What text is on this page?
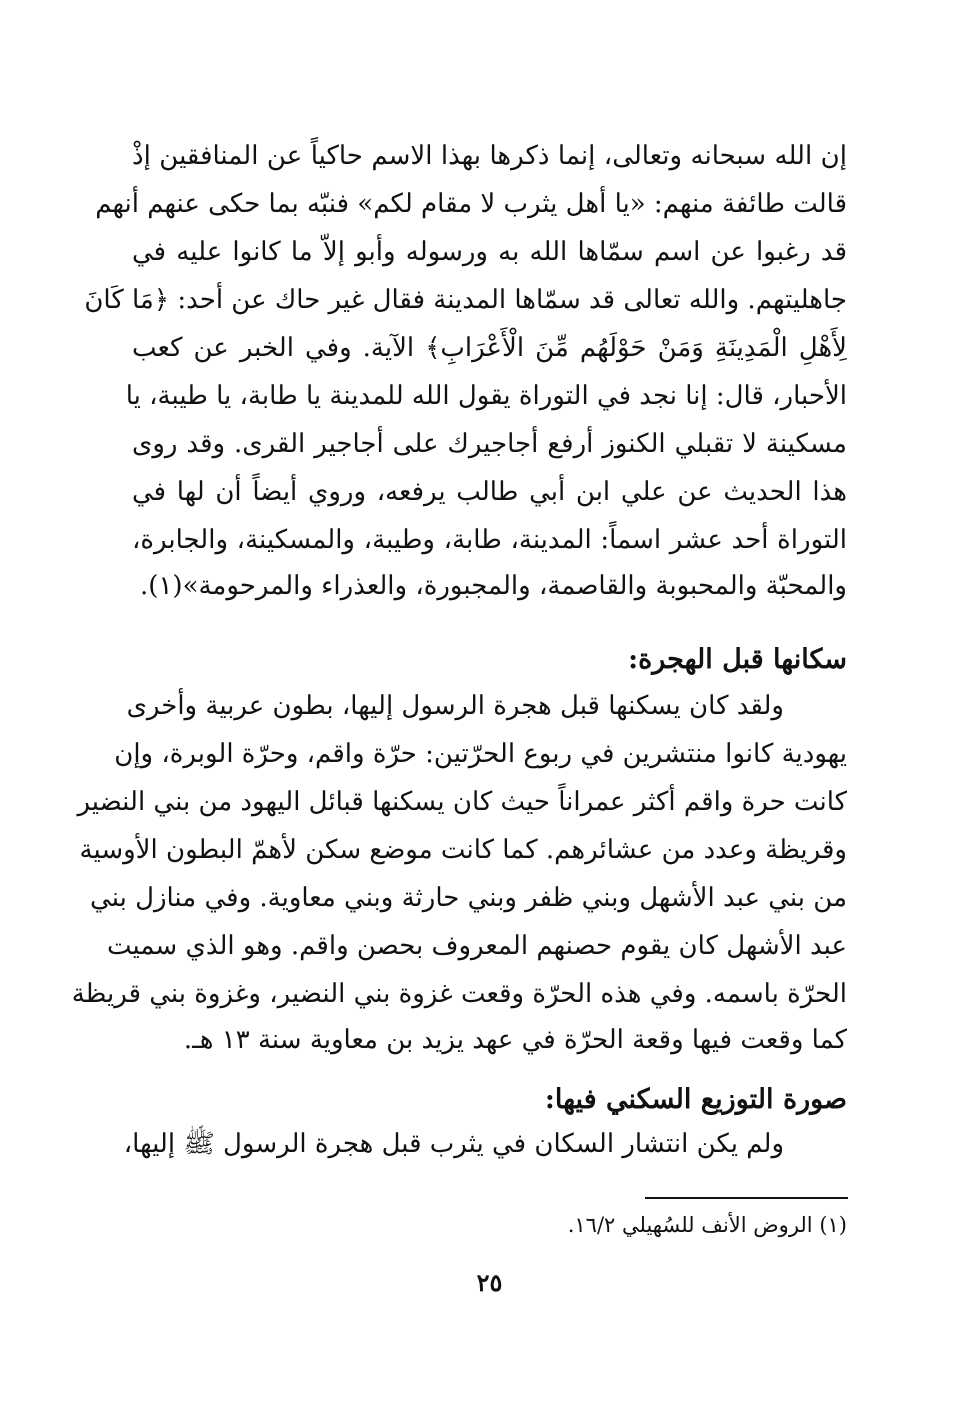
إن الله سبحانه وتعالى، إنما ذكرها بهذا الاسم حاكياً عن المنافقين إذْ
قالت طائفة منهم: «يا أهل يثرب لا مقام لكم» فنبّه بما حكى عنهم أنهم
قد رغبوا عن اسم سمّاها الله به ورسوله وأبو إلاّ ما كانوا عليه في
جاهليتهم. والله تعالى قد سمّاها المدينة فقال غير حاك عن أحد: ﴿مَا كَانَ
لِأَهْلِ الْمَدِينَةِ وَمَنْ حَوْلَهُم مِّنَ الْأَعْرَابِ﴾ الآية. وفي الخبر عن كعب
الأحبار، قال: إنا نجد في التوراة يقول الله للمدينة يا طابة، يا طيبة، يا
مسكينة لا تقبلي الكنوز أرفع أجاجيرك على أجاجير القرى. وقد روى
هذا الحديث عن علي ابن أبي طالب يرفعه، وروي أيضاً أن لها في
التوراة أحد عشر اسماً: المدينة، طابة، وطيبة، والمسكينة، والجابرة،
والمحبّة والمحبوبة والقاصمة، والمجبورة، والعذراء والمرحومة»(١).
سكانها قبل الهجرة:
ولقد كان يسكنها قبل هجرة الرسول إليها، بطون عربية وأخرى
يهودية كانوا منتشرين في ربوع الحرّتين: حرّة واقم، وحرّة الوبرة، وإن
كانت حرة واقم أكثر عمراناً حيث كان يسكنها قبائل اليهود من بني النضير
وقريظة وعدد من عشائرهم. كما كانت موضع سكن لأهمّ البطون الأوسية
من بني عبد الأشهل وبني ظفر وبني حارثة وبني معاوية. وفي منازل بني
عبد الأشهل كان يقوم حصنهم المعروف بحصن واقم. وهو الذي سميت
الحرّة باسمه. وفي هذه الحرّة وقعت غزوة بني النضير، وغزوة بني قريظة
كما وقعت فيها وقعة الحرّة في عهد يزيد بن معاوية سنة ١٣ هـ.
صورة التوزيع السكني فيها:
ولم يكن انتشار السكان في يثرب قبل هجرة الرسول ﷺ إليها،
(١) الروض الأنف للسُهيلي ١٦/٢.
٢٥
